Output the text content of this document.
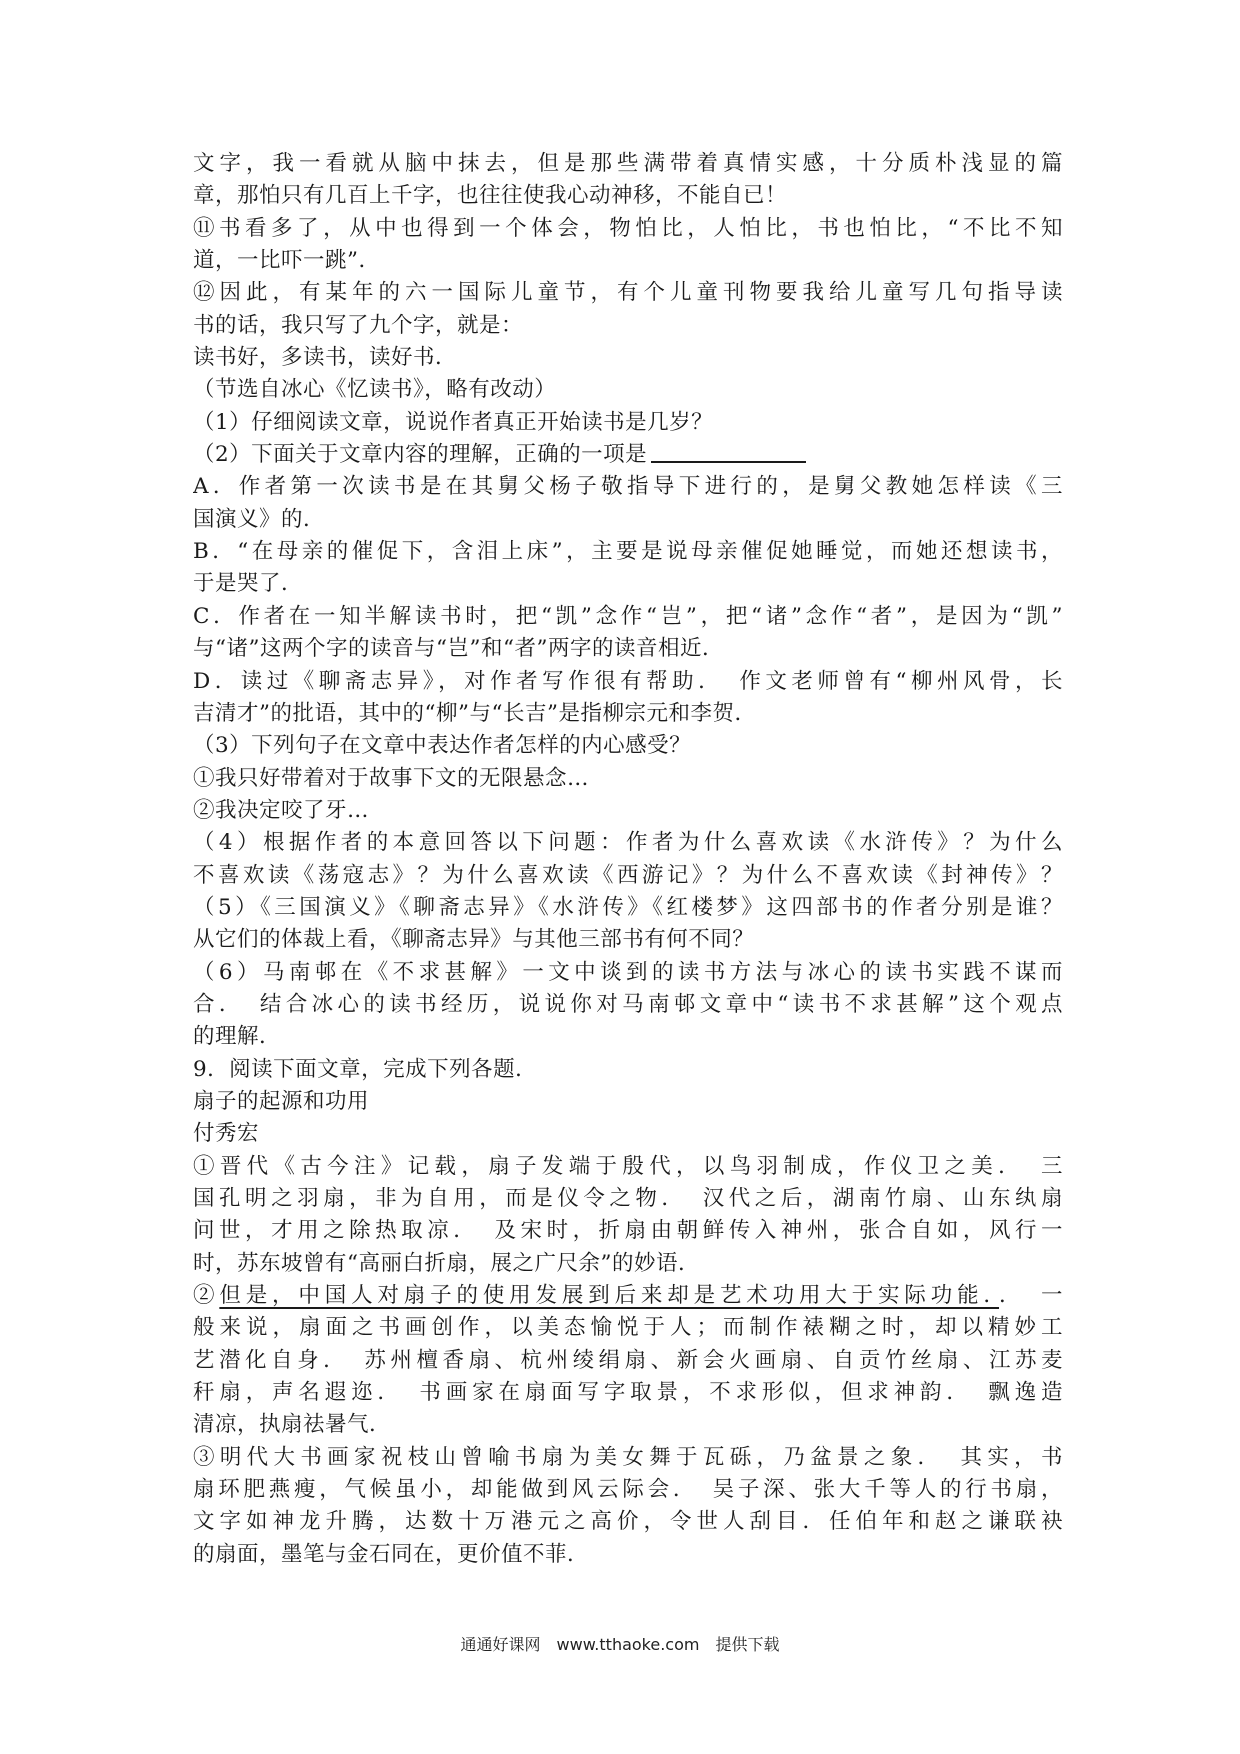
文字，我一看就从脑中抹去，但是那些满带着真情实感，十分质朴浅显的篇
章，那怕只有几百上千字，也往往使我心动神移，不能自已！
⑪书看多了，从中也得到一个体会，物怕比，人怕比，书也怕比，“不比不知
道，一比吓一跳”．
⑫因此，有某年的六一国际儿童节，有个儿童刊物要我给儿童写几句指导读
书的话，我只写了九个字，就是：
读书好，多读书，读好书．
（节选自冰心《忆读书》，略有改动）
（1）仔细阅读文章，说说作者真正开始读书是几岁？
（2）下面关于文章内容的理解，正确的一项是
A．作者第一次读书是在其舅父杨子敬指导下进行的，是舅父教她怎样读《三
国演义》的．
B．“在母亲的催促下，含泪上床”，主要是说母亲催促她睡觉，而她还想读书，
于是哭了．
C．作者在一知半解读书时，把“凯”念作“岂”，把“诸”念作“者”，是因为“凯”
与“诸”这两个字的读音与“岂”和“者”两字的读音相近．
D．读过《聊斋志异》，对作者写作很有帮助．　作文老师曾有“柳州风骨，长
吉清才”的批语，其中的“柳”与“长吉”是指柳宗元和李贺．
（3）下列句子在文章中表达作者怎样的内心感受？
①我只好带着对于故事下文的无限悬念…
②我决定咬了牙…
（4）根据作者的本意回答以下问题：作者为什么喜欢读《水浒传》？为什么
不喜欢读《荡寇志》？为什么喜欢读《西游记》？为什么不喜欢读《封神传》？
（5）《三国演义》《聊斋志异》《水浒传》《红楼梦》这四部书的作者分别是谁？
从它们的体裁上看，《聊斋志异》与其他三部书有何不同？
（6）马南邨在《不求甚解》一文中谈到的读书方法与冰心的读书实践不谋而
合．　结合冰心的读书经历，说说你对马南邨文章中“读书不求甚解”这个观点
的理解．
9．阅读下面文章，完成下列各题．
扇子的起源和功用
付秀宏
①晋代《古今注》记载，扇子发端于殷代，以鸟羽制成，作仪卫之美．　三
国孔明之羽扇，非为自用，而是仪令之物．　汉代之后，湖南竹扇、山东纨扇
问世，才用之除热取凉．　及宋时，折扇由朝鲜传入神州，张合自如，风行一
时，苏东坡曾有“高丽白折扇，展之广尺余”的妙语．
②但是，中国人对扇子的使用发展到后来却是艺术功用大于实际功能．．　一
般来说，扇面之书画创作，以美态愉悦于人；而制作裱糊之时，却以精妙工
艺潜化自身．　苏州檀香扇、杭州绫绢扇、新会火画扇、自贡竹丝扇、江苏麦
秆扇，声名遐迩．　书画家在扇面写字取景，不求形似，但求神韵．　飘逸造
清凉，执扇祛暑气．
③明代大书画家祝枝山曾喻书扇为美女舞于瓦砾，乃盆景之象．　其实，书
扇环肥燕瘦，气候虽小，却能做到风云际会．　吴子深、张大千等人的行书扇，
文字如神龙升腾，达数十万港元之高价，令世人刮目．任伯年和赵之谦联袂
的扇面，墨笔与金石同在，更价值不菲．
通通好课网　www.tthaoke.com　提供下载
